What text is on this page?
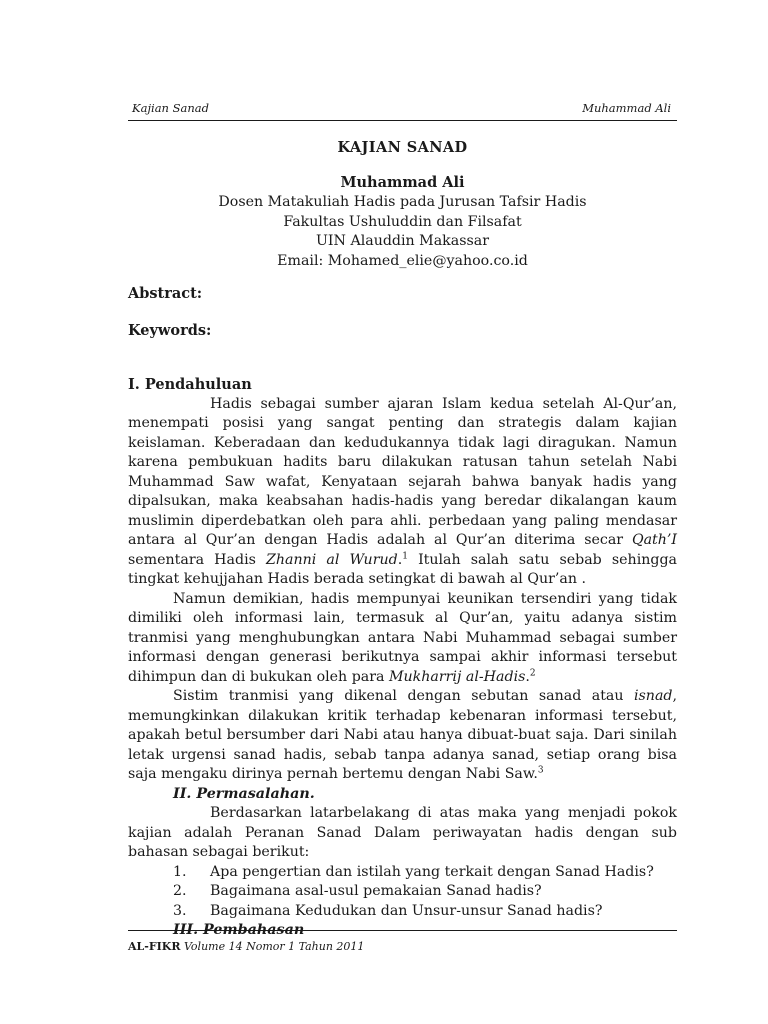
Kajian Sanad	Muhammad Ali
KAJIAN SANAD
Muhammad Ali
Dosen Matakuliah Hadis pada Jurusan Tafsir Hadis
Fakultas Ushuluddin dan Filsafat
UIN Alauddin Makassar
Email: Mohamed_elie@yahoo.co.id
Abstract:
Keywords:
I. Pendahuluan

Hadis sebagai sumber ajaran Islam kedua setelah Al-Qur’an, menempati posisi yang sangat penting dan strategis dalam kajian keislaman. Keberadaan dan kedudukannya tidak lagi diragukan. Namun karena pembukuan hadits baru dilakukan ratusan tahun setelah Nabi Muhammad Saw wafat, Kenyataan sejarah bahwa banyak hadis yang dipalsukan, maka keabsahan hadis-hadis yang beredar dikalangan kaum muslimin diperdebatkan oleh para ahli. perbedaan yang paling mendasar antara al Qur’an dengan Hadis adalah al Qur’an diterima secar Qath’I sementara Hadis Zhanni al Wurud.$^1$ Itulah salah satu sebab sehingga tingkat kehujjahan Hadis berada setingkat di bawah al Qur’an .

Namun demikian, hadis mempunyai keunikan tersendiri yang tidak dimiliki oleh informasi lain, termasuk al Qur’an, yaitu adanya sistim tranmisi yang menghubungkan antara Nabi Muhammad sebagai sumber informasi dengan generasi berikutnya sampai akhir informasi tersebut dihimpun dan di bukukan oleh para Mukharrij al-Hadis.$^2$

Sistim tranmisi yang dikenal dengan sebutan sanad atau isnad, memungkinkan dilakukan kritik terhadap kebenaran informasi tersebut, apakah betul bersumber dari Nabi atau hanya dibuat-buat saja. Dari sinilah letak urgensi sanad hadis, sebab tanpa adanya sanad, setiap orang bisa saja mengaku dirinya pernah bertemu dengan Nabi Saw.$^3$

II. Permasalahan.

Berdasarkan latarbelakang di atas maka yang menjadi pokok kajian adalah Peranan Sanad Dalam periwayatan hadis dengan sub bahasan sebagai berikut:

1. Apa pengertian dan istilah yang terkait dengan Sanad Hadis?
2. Bagaimana asal-usul pemakaian Sanad hadis?
3. Bagaimana Kedudukan dan Unsur-unsur Sanad hadis?
III. Pembahasan
AL-FIKR Volume 14 Nomor 1 Tahun 2011
